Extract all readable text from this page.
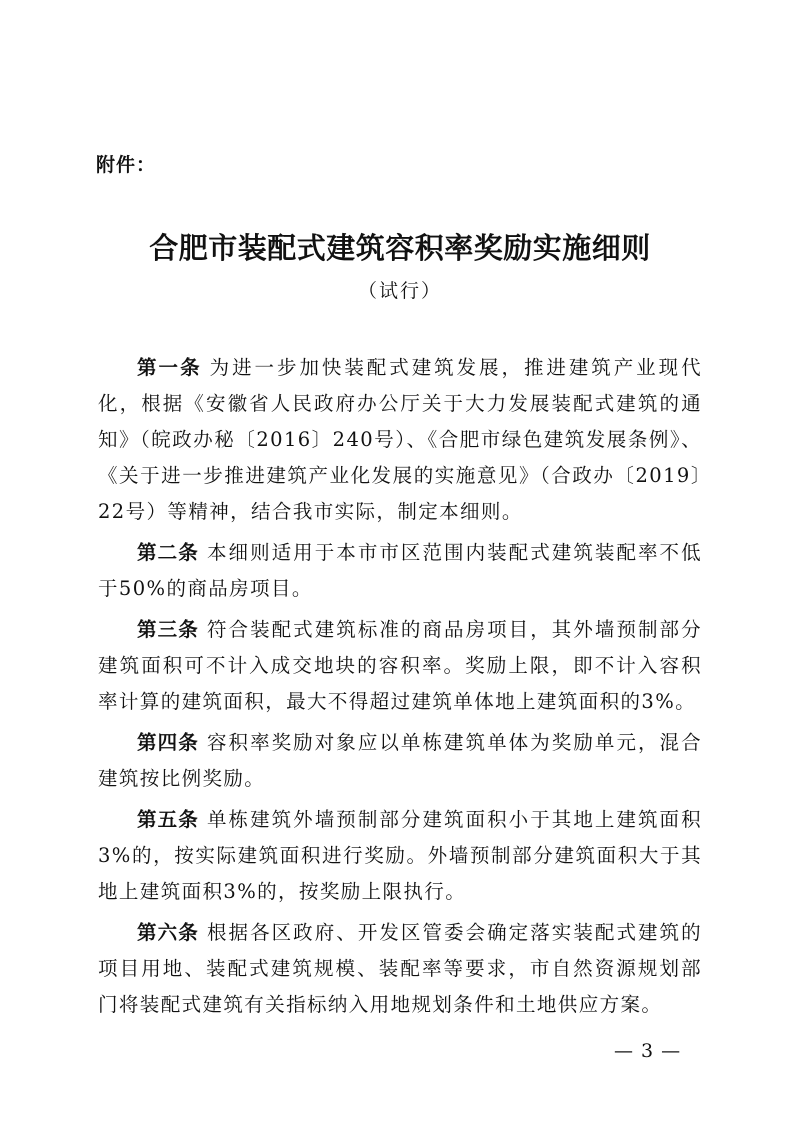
附件：
合肥市装配式建筑容积率奖励实施细则
（试行）

第一条 为进一步加快装配式建筑发展，推进建筑产业现代化，根据《安徽省人民政府办公厅关于大力发展装配式建筑的通知》（皖政办秘〔2016〕240号）、《合肥市绿色建筑发展条例》、《关于进一步推进建筑产业化发展的实施意见》（合政办〔2019〕22号）等精神，结合我市实际，制定本细则。

第二条 本细则适用于本市市区范围内装配式建筑装配率不低于50%的商品房项目。

第三条 符合装配式建筑标准的商品房项目，其外墙预制部分建筑面积可不计入成交地块的容积率。奖励上限，即不计入容积率计算的建筑面积，最大不得超过建筑单体地上建筑面积的3%。

第四条 容积率奖励对象应以单栋建筑单体为奖励单元，混合建筑按比例奖励。

第五条 单栋建筑外墙预制部分建筑面积小于其地上建筑面积3%的，按实际建筑面积进行奖励。外墙预制部分建筑面积大于其地上建筑面积3%的，按奖励上限执行。

第六条 根据各区政府、开发区管委会确定落实装配式建筑的项目用地、装配式建筑规模、装配率等要求，市自然资源规划部门将装配式建筑有关指标纳入用地规划条件和土地供应方案。

— 3 —
